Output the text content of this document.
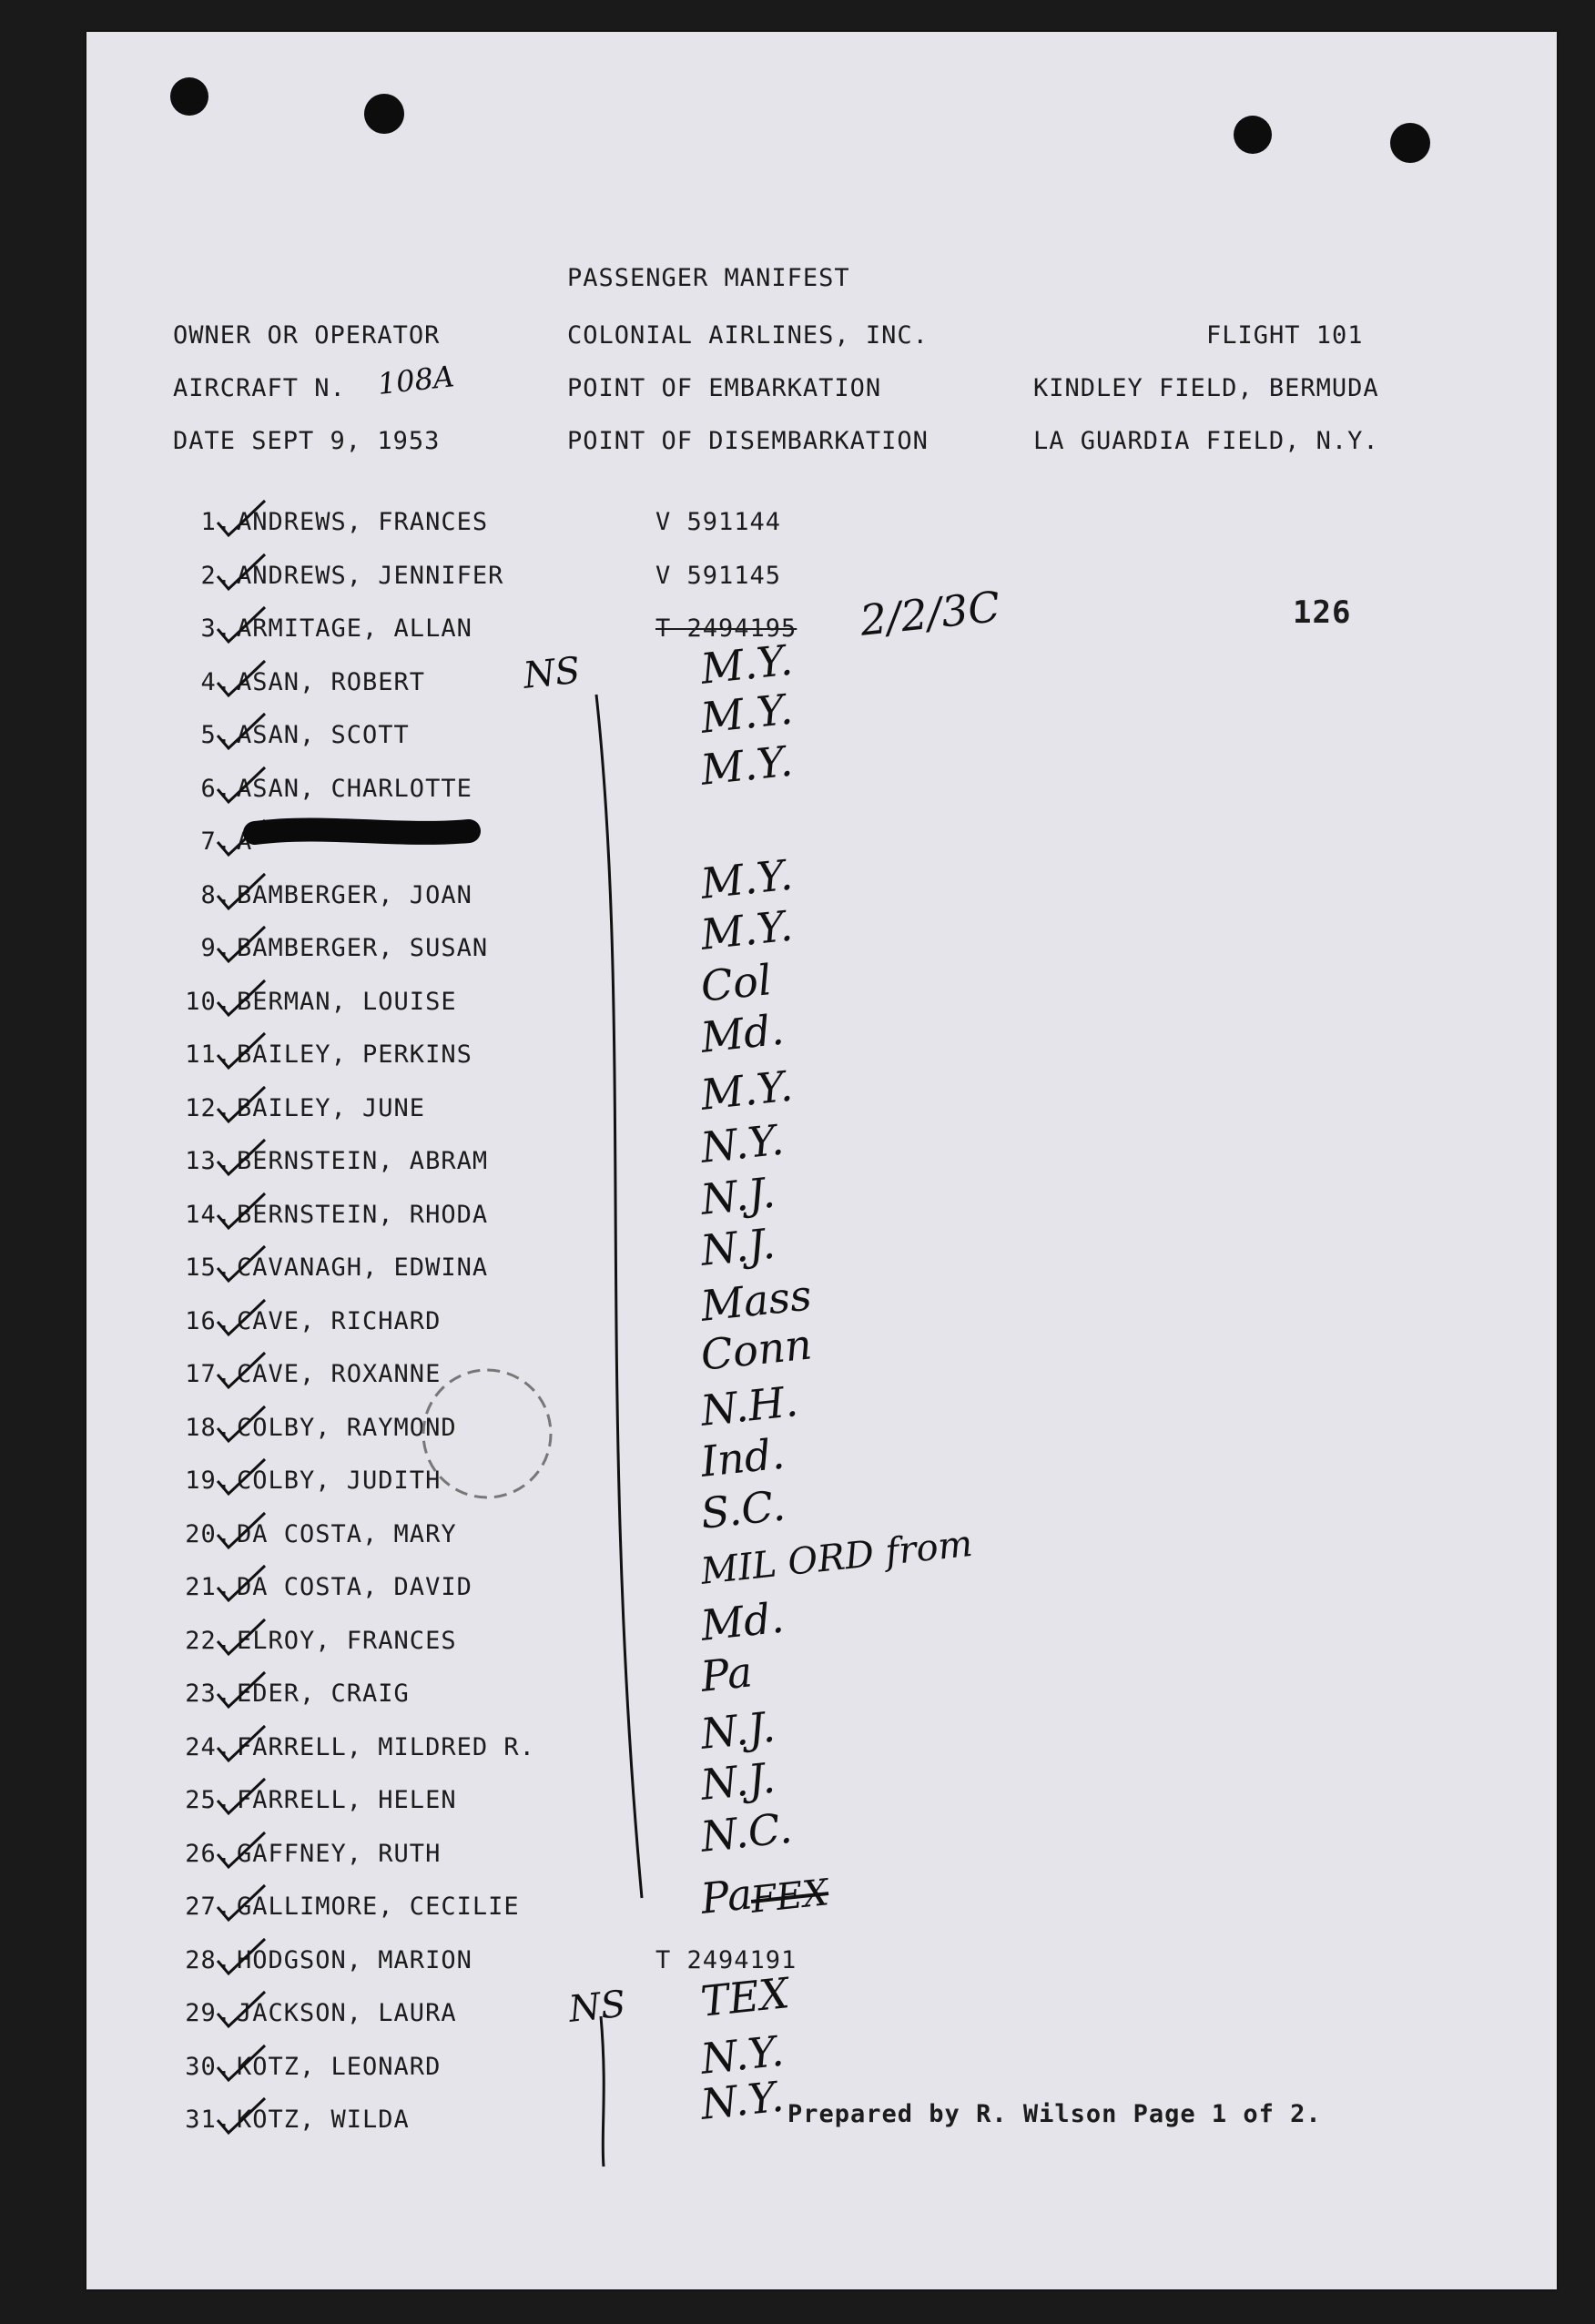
PASSENGER MANIFEST
OWNER OR OPERATOR	COLONIAL AIRLINES, INC.	FLIGHT 101
AIRCRAFT N. 108A	POINT OF EMBARKATION	KINDLEY FIELD, BERMUDA
DATE SEPT 9, 1953	POINT OF DISEMBARKATION	LA GUARDIA FIELD, N.Y.
126
1. ANDREWS, FRANCES	V 591144
2. ANDREWS, JENNIFER	V 591145
3. ARMITAGE, ALLAN	T 2494195 2/2/3C
4. ASAN, ROBERT	M.Y.
5. ASAN, SCOTT	M.Y.
6. ASAN, CHARLOTTE	M.Y.
7. A
8. BAMBERGER, JOAN	M.Y.
9. BAMBERGER, SUSAN	M.Y.
10. BERMAN, LOUISE	Col
11. BAILEY, PERKINS	Md.
12. BAILEY, JUNE	M.Y.
13. BERNSTEIN, ABRAM	N.Y.
14. BERNSTEIN, RHODA	N.J.
15. CAVANAGH, EDWINA	N.J.
16. CAVE, RICHARD	Mass
17. CAVE, ROXANNE	Conn
18. COLBY, RAYMOND	N.H.
19. COLBY, JUDITH	Ind.
20. DA COSTA, MARY	S.C.
21. DA COSTA, DAVID	MIL ORD from
22. ELROY, FRANCES	Md.
23. EDER, CRAIG	Pa
24. FARRELL, MILDRED R.	N.J.
25. FARRELL, HELEN	N.J.
26. GAFFNEY, RUTH	N.C.
27. GALLIMORE, CECILIE	Pa
28. HODGSON, MARION	T 2494191
29. JACKSON, LAURA	TEX
30. KOTZ, LEONARD	N.Y.
31. KOTZ, WILDA	N.Y.
NS
NS
FEX
Prepared by R. Wilson Page 1 of 2.
